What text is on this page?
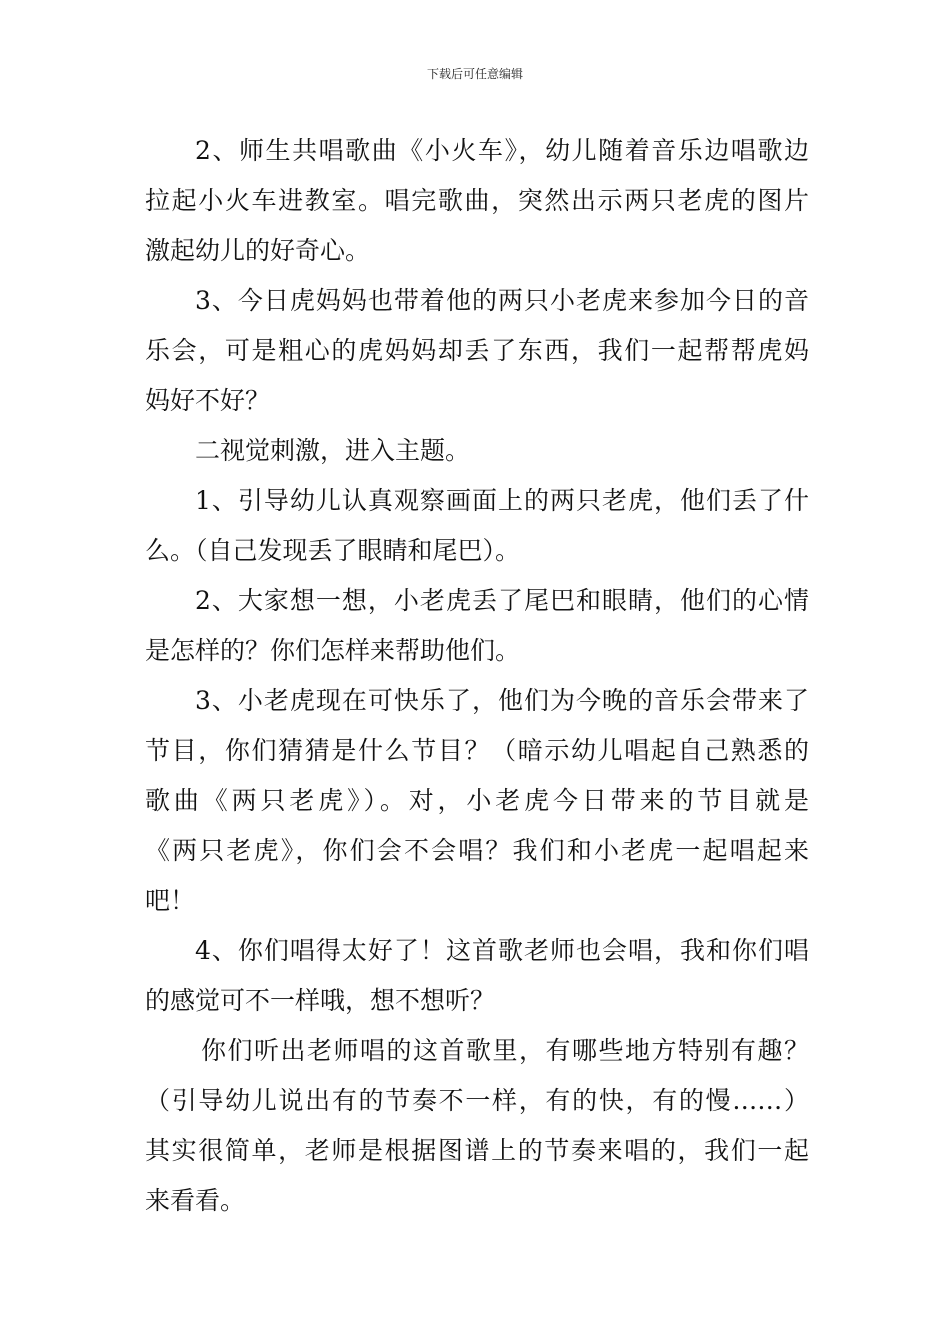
下载后可任意编辑
2、师生共唱歌曲《小火车》，幼儿随着音乐边唱歌边
拉起小火车进教室。唱完歌曲，突然出示两只老虎的图片
激起幼儿的好奇心。
3、今日虎妈妈也带着他的两只小老虎来参加今日的音
乐会，可是粗心的虎妈妈却丢了东西，我们一起帮帮虎妈
妈好不好？
二视觉刺激，进入主题。
1、引导幼儿认真观察画面上的两只老虎，他们丢了什
么。（自己发现丢了眼睛和尾巴）。
2、大家想一想，小老虎丢了尾巴和眼睛，他们的心情
是怎样的？你们怎样来帮助他们。
3、小老虎现在可快乐了，他们为今晚的音乐会带来了
节目，你们猜猜是什么节目？（暗示幼儿唱起自己熟悉的
歌曲《两只老虎》）。对，小老虎今日带来的节目就是
《两只老虎》，你们会不会唱？我们和小老虎一起唱起来
吧！
4、你们唱得太好了！这首歌老师也会唱，我和你们唱
的感觉可不一样哦，想不想听？
你们听出老师唱的这首歌里，有哪些地方特别有趣？
（引导幼儿说出有的节奏不一样，有的快，有的慢……）
其实很简单，老师是根据图谱上的节奏来唱的，我们一起
来看看。
